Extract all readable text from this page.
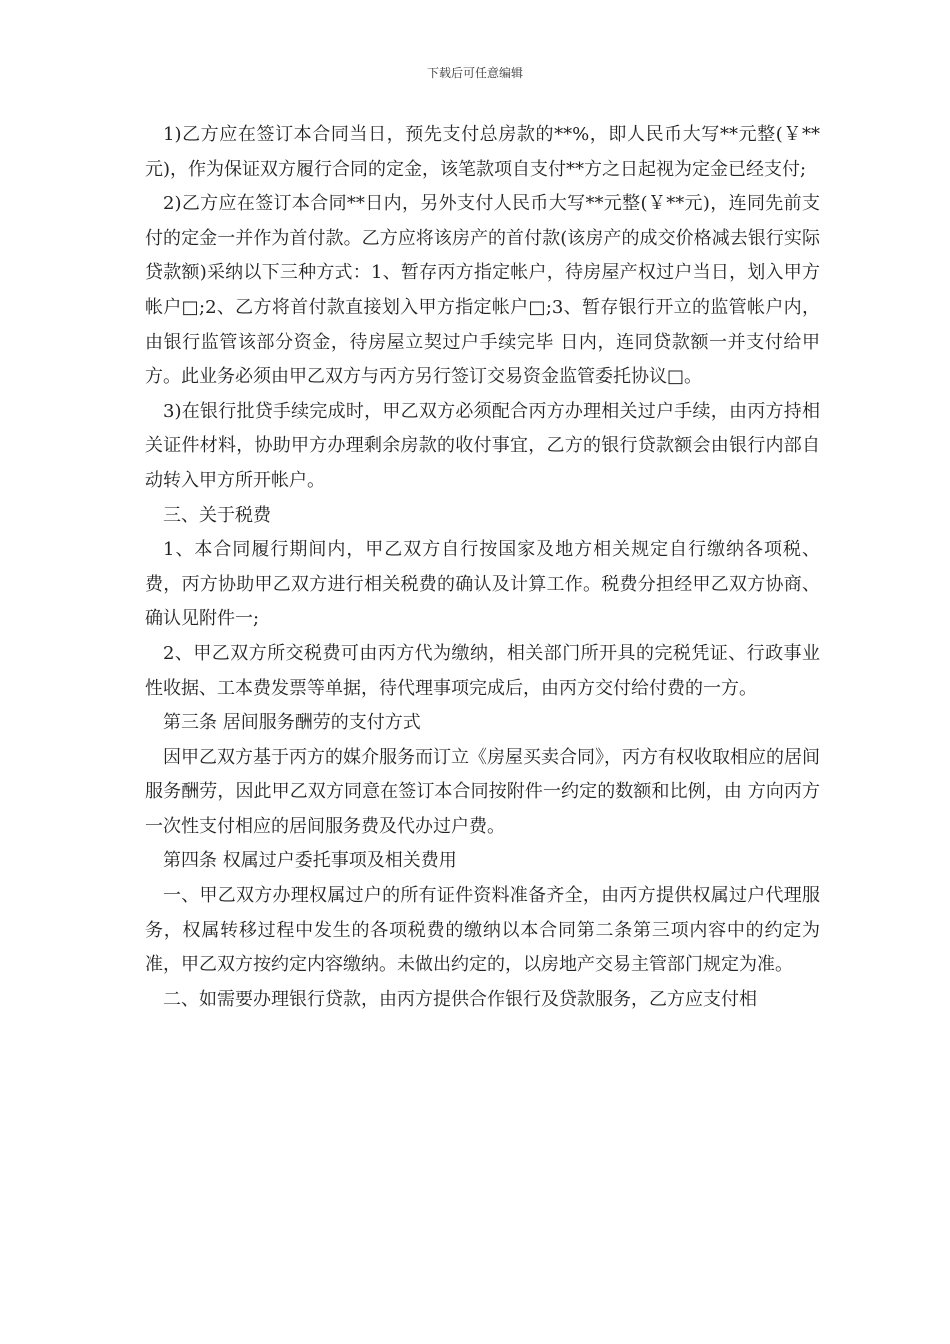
下载后可任意编辑

1)乙方应在签订本合同当日，预先支付总房款的**%，即人民币大写**元整(￥**元)，作为保证双方履行合同的定金，该笔款项自支付**方之日起视为定金已经支付;

2)乙方应在签订本合同**日内，另外支付人民币大写**元整(￥**元)，连同先前支付的定金一并作为首付款。乙方应将该房产的首付款(该房产的成交价格减去银行实际贷款额)采纳以下三种方式：1、暂存丙方指定帐户，待房屋产权过户当日，划入甲方帐户□;2、乙方将首付款直接划入甲方指定帐户□;3、暂存银行开立的监管帐户内，由银行监管该部分资金，待房屋立契过户手续完毕 日内，连同贷款额一并支付给甲方。此业务必须由甲乙双方与丙方另行签订交易资金监管委托协议□。

3)在银行批贷手续完成时，甲乙双方必须配合丙方办理相关过户手续，由丙方持相关证件材料，协助甲方办理剩余房款的收付事宜，乙方的银行贷款额会由银行内部自动转入甲方所开帐户。

三、关于税费

1、本合同履行期间内，甲乙双方自行按国家及地方相关规定自行缴纳各项税、费，丙方协助甲乙双方进行相关税费的确认及计算工作。税费分担经甲乙双方协商、确认见附件一;

2、甲乙双方所交税费可由丙方代为缴纳，相关部门所开具的完税凭证、行政事业性收据、工本费发票等单据，待代理事项完成后，由丙方交付给付费的一方。

第三条 居间服务酬劳的支付方式

因甲乙双方基于丙方的媒介服务而订立《房屋买卖合同》，丙方有权收取相应的居间服务酬劳，因此甲乙双方同意在签订本合同按附件一约定的数额和比例，由 方向丙方一次性支付相应的居间服务费及代办过户费。

第四条 权属过户委托事项及相关费用

一、甲乙双方办理权属过户的所有证件资料准备齐全，由丙方提供权属过户代理服务，权属转移过程中发生的各项税费的缴纳以本合同第二条第三项内容中的约定为准，甲乙双方按约定内容缴纳。未做出约定的，以房地产交易主管部门规定为准。

二、如需要办理银行贷款，由丙方提供合作银行及贷款服务，乙方应支付相
